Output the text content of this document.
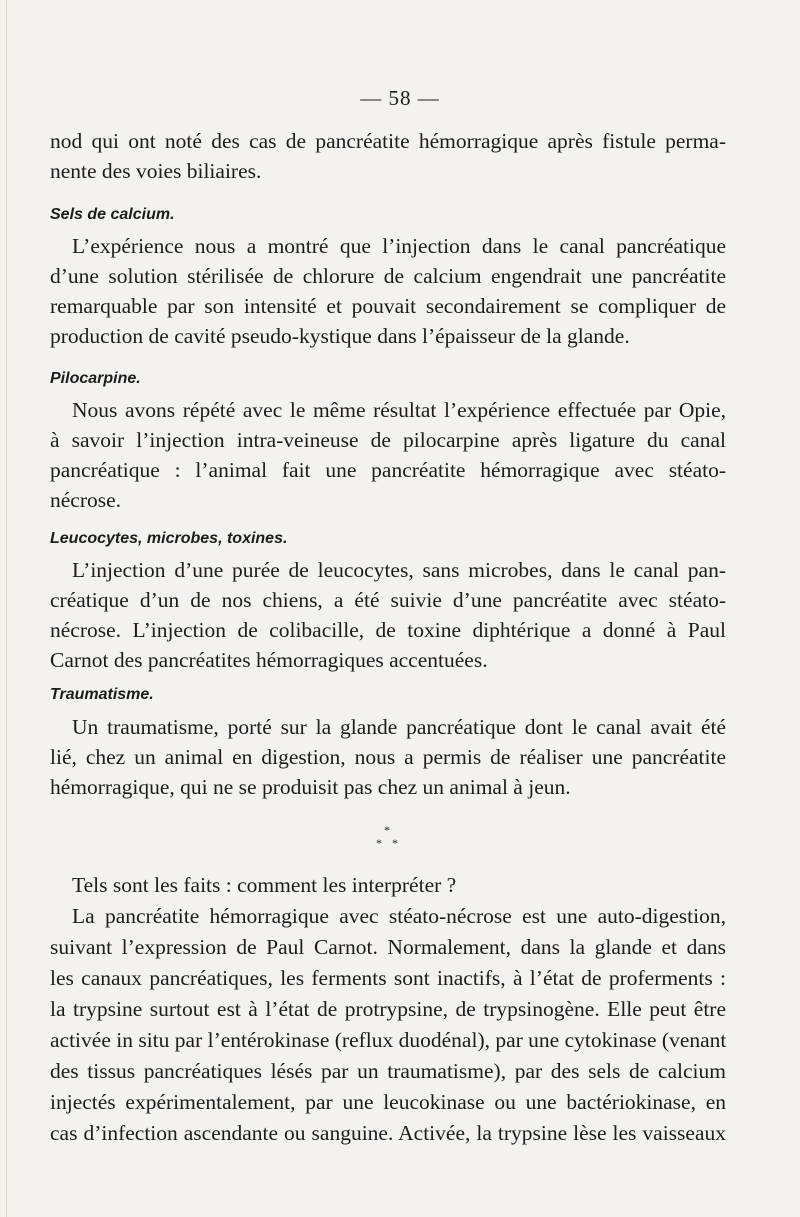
— 58 —
nod qui ont noté des cas de pancréatite hémorragique après fistule perma-
nente des voies biliaires.
Sels de calcium.
L’expérience nous a montré que l’injection dans le canal pancréatique
d’une solution stérilisée de chlorure de calcium engendrait une pancréatite
remarquable par son intensité et pouvait secondairement se compliquer de
production de cavité pseudo-kystique dans l’épaisseur de la glande.
Pilocarpine.
Nous avons répété avec le même résultat l’expérience effectuée par Opie,
à savoir l’injection intra-veineuse de pilocarpine après ligature du canal
pancréatique : l’animal fait une pancréatite hémorragique avec stéato-
nécrose.
Leucocytes, microbes, toxines.
L’injection d’une purée de leucocytes, sans microbes, dans le canal pan-
créatique d’un de nos chiens, a été suivie d’une pancréatite avec stéato-
nécrose. L’injection de colibacille, de toxine diphtérique a donné à Paul
Carnot des pancréatites hémorragiques accentuées.
Traumatisme.
Un traumatisme, porté sur la glande pancréatique dont le canal avait été
lié, chez un animal en digestion, nous a permis de réaliser une pancréatite
hémorragique, qui ne se produisit pas chez un animal à jeun.
*
* *
Tels sont les faits : comment les interpréter ?
La pancréatite hémorragique avec stéato-nécrose est une auto-digestion,
suivant l’expression de Paul Carnot. Normalement, dans la glande et dans
les canaux pancréatiques, les ferments sont inactifs, à l’état de proferments :
la trypsine surtout est à l’état de protrypsine, de trypsinogène. Elle peut être
activée in situ par l’entérokinase (reflux duodénal), par une cytokinase (venant
des tissus pancréatiques lésés par un traumatisme), par des sels de calcium
injectés expérimentalement, par une leucokinase ou une bactériokinase, en
cas d’infection ascendante ou sanguine. Activée, la trypsine lèse les vaisseaux
